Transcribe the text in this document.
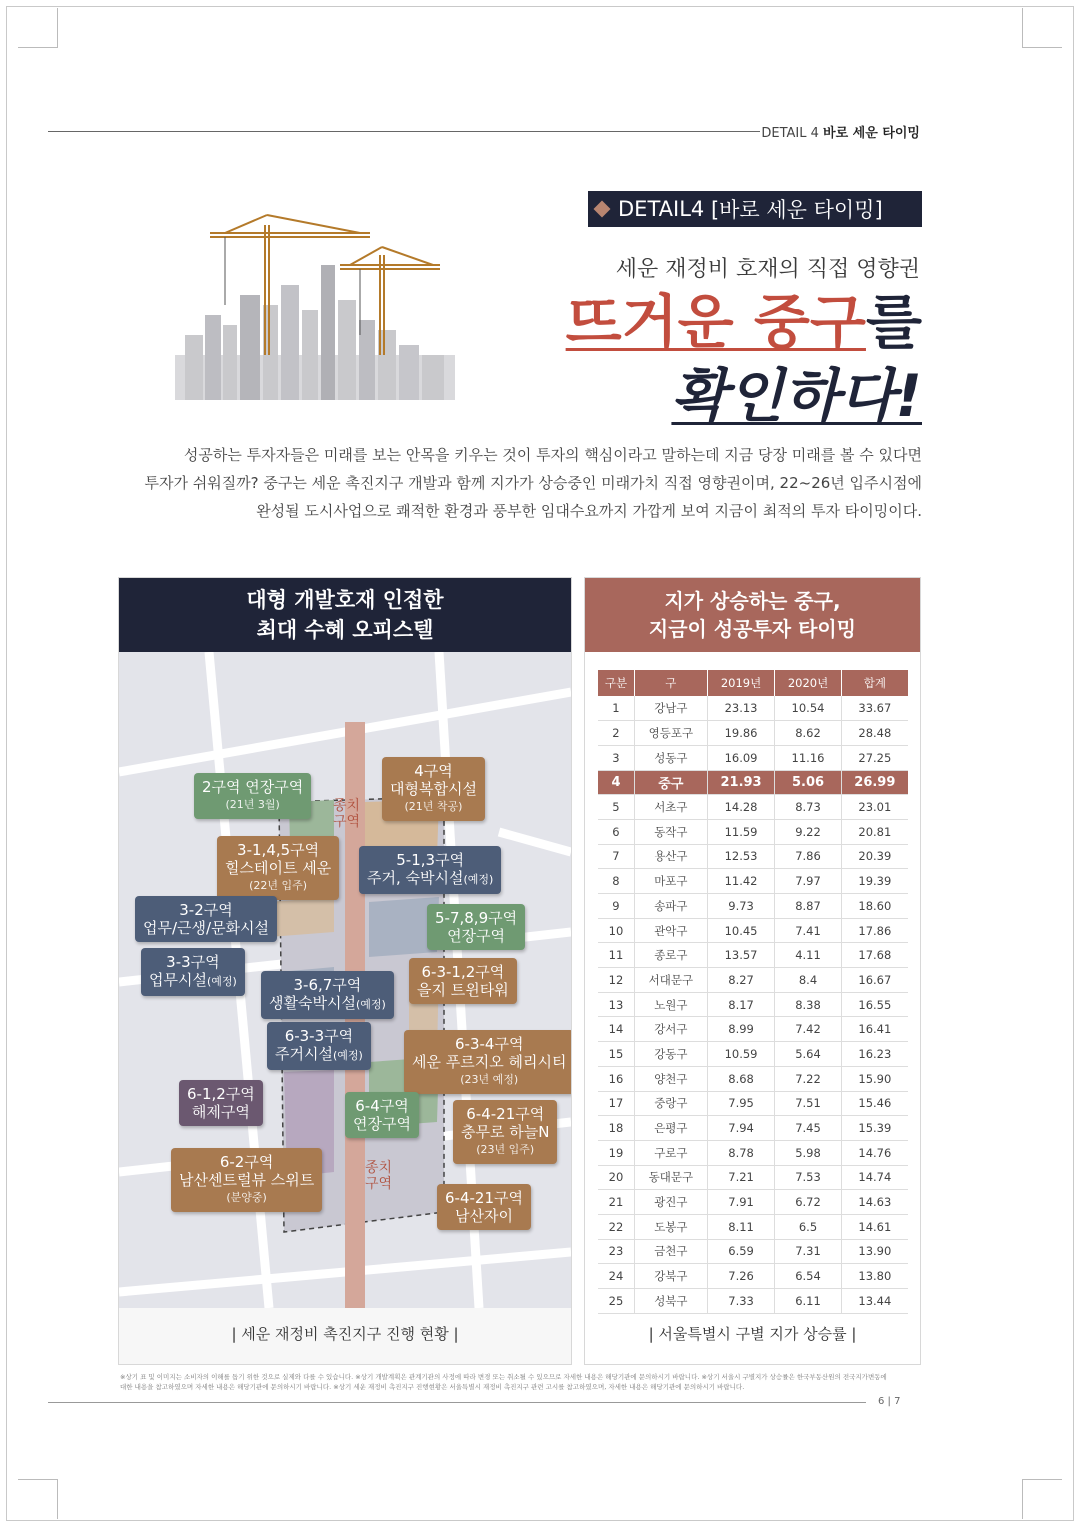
DETAIL 4 바로 세운 타이밍
DETAIL4
[바로 세운 타이밍]
세운 재정비 호재의 직접 영향권
뜨거운 중구를
확인하다!
성공하는 투자자들은 미래를 보는 안목을 키우는 것이 투자의 핵심이라고 말하는데 지금 당장 미래를 볼 수 있다면
투자가 쉬워질까? 중구는 세운 촉진지구 개발과 함께 지가가 상승중인 미래가치 직접 영향권이며, 22~26년 입주시점에
완성될 도시사업으로 쾌적한 환경과 풍부한 임대수요까지 가깝게 보여 지금이 최적의 투자 타이밍이다.
대형 개발호재 인접한
최대 수혜 오피스텔
종치
구역
종치
구역
2구역 연장구역
(21년 3월)
4구역
대형복합시설
(21년 착공)
3-1,4,5구역
힐스테이트 세운
(22년 입주)
5-1,3구역
주거, 숙박시설(예정)
3-2구역
업무/근생/문화시설
5-7,8,9구역
연장구역
3-3구역
업무시설(예정)	3-6,7구역
생활숙박시설(예정)
6-3-1,2구역
을지 트윈타워
6-3-3구역
주거시설(예정)
6-3-4구역
세운 푸르지오 헤리시티
(23년 예정)
6-1,2구역
해제구역	6-4구역
연장구역
6-4-21구역
충무로 하늘N
(23년 입주)
6-2구역
남산센트럴뷰 스위트
(분양중)	6-4-21구역
남산자이
| 세운 재정비 촉진지구 진행 현황 |
지가 상승하는 중구,
지금이 성공투자 타이밍
구분	구	2019년	2020년	합계
1	강남구	23.13	10.54	33.67
2	영등포구	19.86	8.62	28.48
3	성동구	16.09	11.16	27.25
4	중구	21.93	5.06	26.99
5	서초구	14.28	8.73	23.01
6	동작구	11.59	9.22	20.81
7	용산구	12.53	7.86	20.39
8	마포구	11.42	7.97	19.39
9	송파구	9.73	8.87	18.60
10	관악구	10.45	7.41	17.86
11	종로구	13.57	4.11	17.68
12	서대문구	8.27	8.4	16.67
13	노원구	8.17	8.38	16.55
14	강서구	8.99	7.42	16.41
15	강동구	10.59	5.64	16.23
16	양천구	8.68	7.22	15.90
17	중랑구	7.95	7.51	15.46
18	은평구	7.94	7.45	15.39
19	구로구	8.78	5.98	14.76
20	동대문구	7.21	7.53	14.74
21	광진구	7.91	6.72	14.63
22	도봉구	8.11	6.5	14.61
23	금천구	6.59	7.31	13.90
24	강북구	7.26	6.54	13.80
25	성북구	7.33	6.11	13.44
| 서울특별시 구별 지가 상승률 |
※상기 표 및 이미지는 소비자의 이해를 돕기 위한 것으로 실제와 다를 수 있습니다. ※상기 개발계획은 관계기관의 사정에 따라 변경 또는 취소될 수 있으므로 자세한 내용은 해당기관에 문의하시기 바랍니다. ※상기 서울시 구별지가 상승률은 한국부동산원의 전국지가변동에
대한 내용을 참고하였으며 자세한 내용은 해당기관에 문의하시기 바랍니다. ※상기 세운 재정비 촉진지구 진행현황은 서울특별시 재정비 촉진지구 관련 고시를 참고하였으며, 자세한 내용은 해당기관에 문의하시기 바랍니다.
6 | 7
